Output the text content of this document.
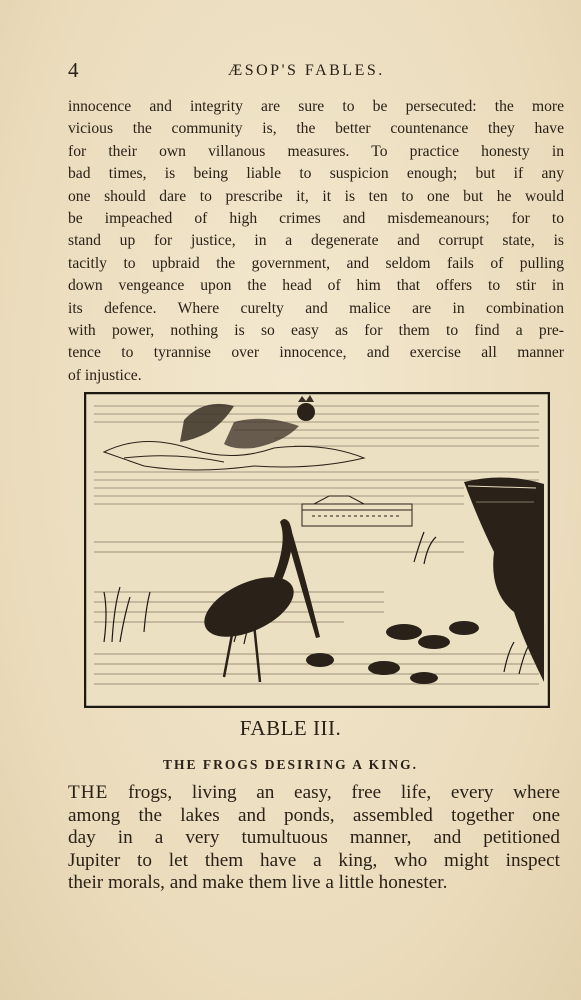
4	ÆSOP'S FABLES.
innocence and integrity are sure to be persecuted: the more
vicious the community is, the better countenance they have
for their own villanous measures. To practice honesty in
bad times, is being liable to suspicion enough; but if any
one should dare to prescribe it, it is ten to one but he would
be impeached of high crimes and misdemeanours; for to
stand up for justice, in a degenerate and corrupt state, is
tacitly to upbraid the government, and seldom fails of pulling
down vengeance upon the head of him that offers to stir in
its defence. Where curelty and malice are in combination
with power, nothing is so easy as for them to find a pre-
tence to tyrannise over innocence, and exercise all manner
of injustice.
FABLE III.
THE FROGS DESIRING A KING.
THE frogs, living an easy, free life, every where
among the lakes and ponds, assembled together one
day in a very tumultuous manner, and petitioned
Jupiter to let them have a king, who might inspect
their morals, and make them live a little honester.
